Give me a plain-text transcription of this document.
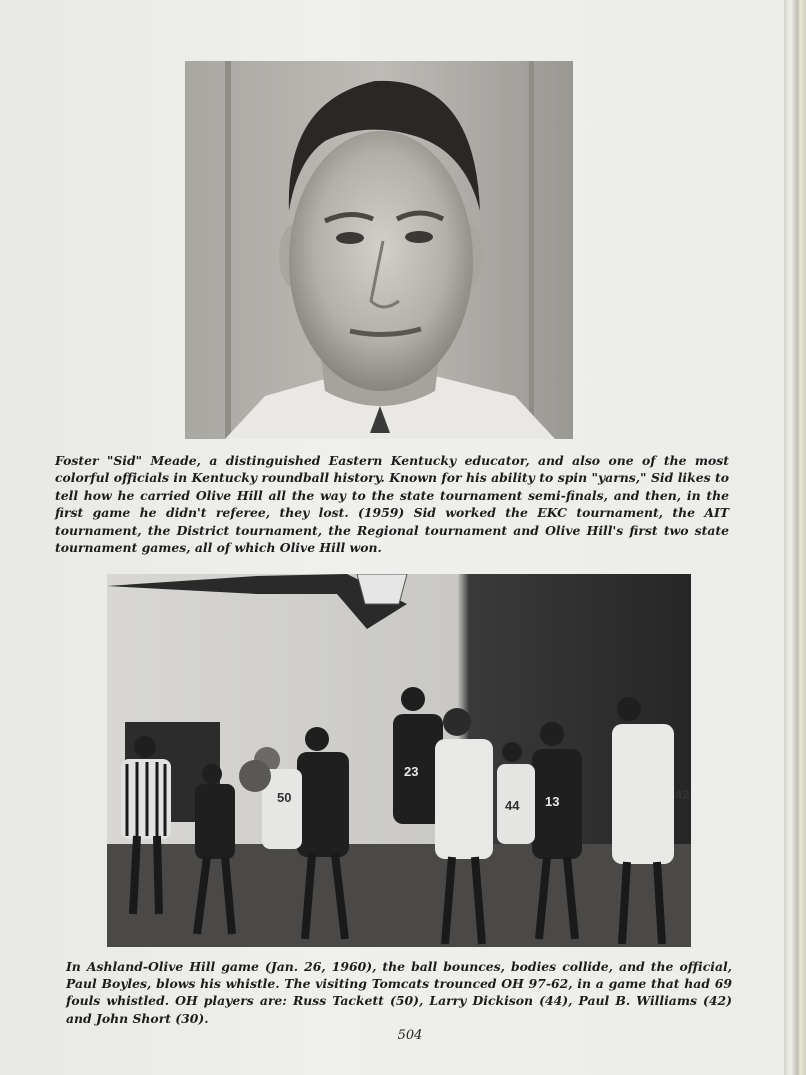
Foster "Sid" Meade, a distinguished Eastern Kentucky educator, and also one of the most colorful officials in Kentucky roundball history. Known for his ability to spin "yarns," Sid likes to tell how he carried Olive Hill all the way to the state tournament semi-finals, and then, in the first game he didn't referee, they lost. (1959) Sid worked the EKC tournament, the AIT tournament, the District tournament, the Regional tournament and Olive Hill's first two state tournament games, all of which Olive Hill won.

23
13
50
44
42

In Ashland-Olive Hill game (Jan. 26, 1960), the ball bounces, bodies collide, and the official, Paul Boyles, blows his whistle. The visiting Tomcats trounced OH 97-62, in a game that had 69 fouls whistled. OH players are: Russ Tackett (50), Larry Dickison (44), Paul B. Williams (42) and John Short (30).

504
